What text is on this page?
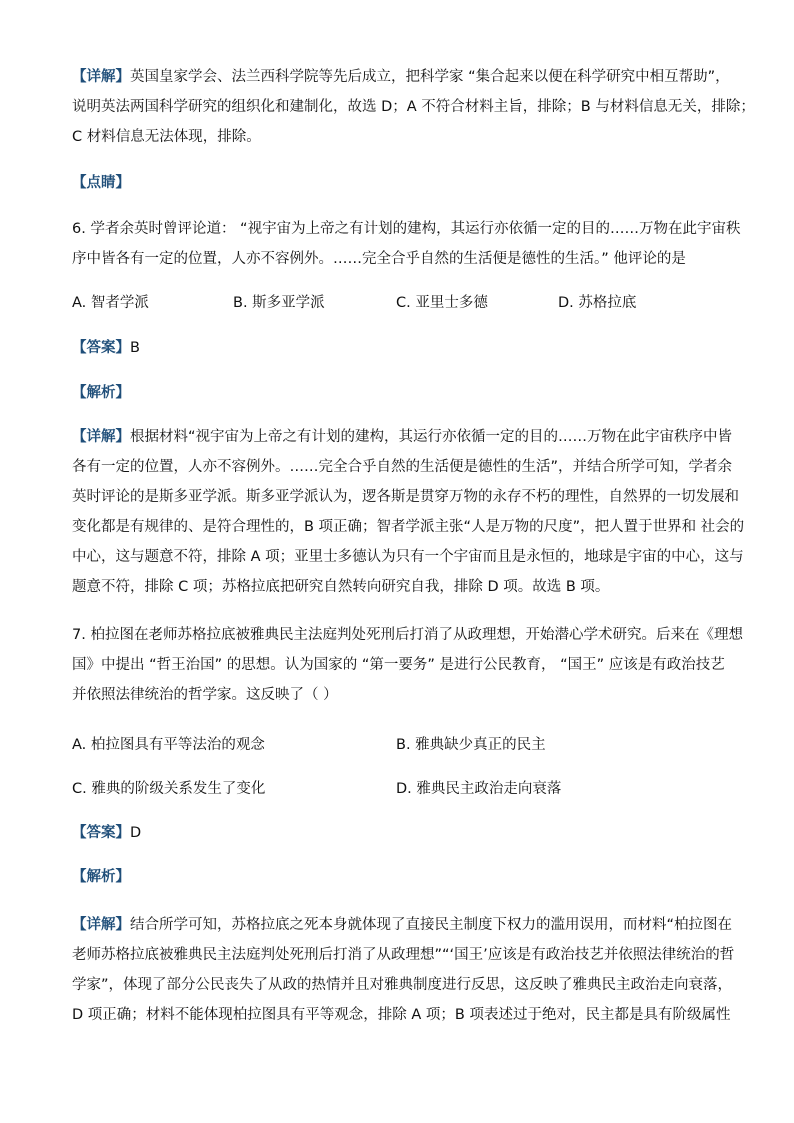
【详解】英国皇家学会、法兰西科学院等先后成立，把科学家 “集合起来以便在科学研究中相互帮助”，
说明英法两国科学研究的组织化和建制化，故选 D；A 不符合材料主旨，排除；B 与材料信息无关，排除；
C 材料信息无法体现，排除。
【点睛】
6. 学者余英时曾评论道： “视宇宙为上帝之有计划的建构，其运行亦依循一定的目的……万物在此宇宙秩
序中皆各有一定的位置，人亦不容例外。……完全合乎自然的生活便是德性的生活。” 他评论的是
A. 智者学派	B. 斯多亚学派	C. 亚里士多德	D. 苏格拉底
【答案】B
【解析】
【详解】根据材料“视宇宙为上帝之有计划的建构，其运行亦依循一定的目的……万物在此宇宙秩序中皆
各有一定的位置，人亦不容例外。……完全合乎自然的生活便是德性的生活”，并结合所学可知，学者余
英时评论的是斯多亚学派。斯多亚学派认为，逻各斯是贯穿万物的永存不朽的理性，自然界的一切发展和
变化都是有规律的、是符合理性的，B 项正确；智者学派主张“人是万物的尺度”，把人置于世界和 社会的
中心，这与题意不符，排除 A 项；亚里士多德认为只有一个宇宙而且是永恒的，地球是宇宙的中心，这与
题意不符，排除 C 项；苏格拉底把研究自然转向研究自我，排除 D 项。故选 B 项。
7. 柏拉图在老师苏格拉底被雅典民主法庭判处死刑后打消了从政理想，开始潜心学术研究。后来在《理想
国》中提出 “哲王治国” 的思想。认为国家的 “第一要务” 是进行公民教育， “国王” 应该是有政治技艺
并依照法律统治的哲学家。这反映了（ ）
A. 柏拉图具有平等法治的观念	B. 雅典缺少真正的民主
C. 雅典的阶级关系发生了变化	D. 雅典民主政治走向衰落
【答案】D
【解析】
【详解】结合所学可知，苏格拉底之死本身就体现了直接民主制度下权力的滥用误用，而材料“柏拉图在
老师苏格拉底被雅典民主法庭判处死刑后打消了从政理想”“‘国王’应该是有政治技艺并依照法律统治的哲
学家”，体现了部分公民丧失了从政的热情并且对雅典制度进行反思，这反映了雅典民主政治走向衰落，
D 项正确；材料不能体现柏拉图具有平等观念，排除 A 项；B 项表述过于绝对，民主都是具有阶级属性
